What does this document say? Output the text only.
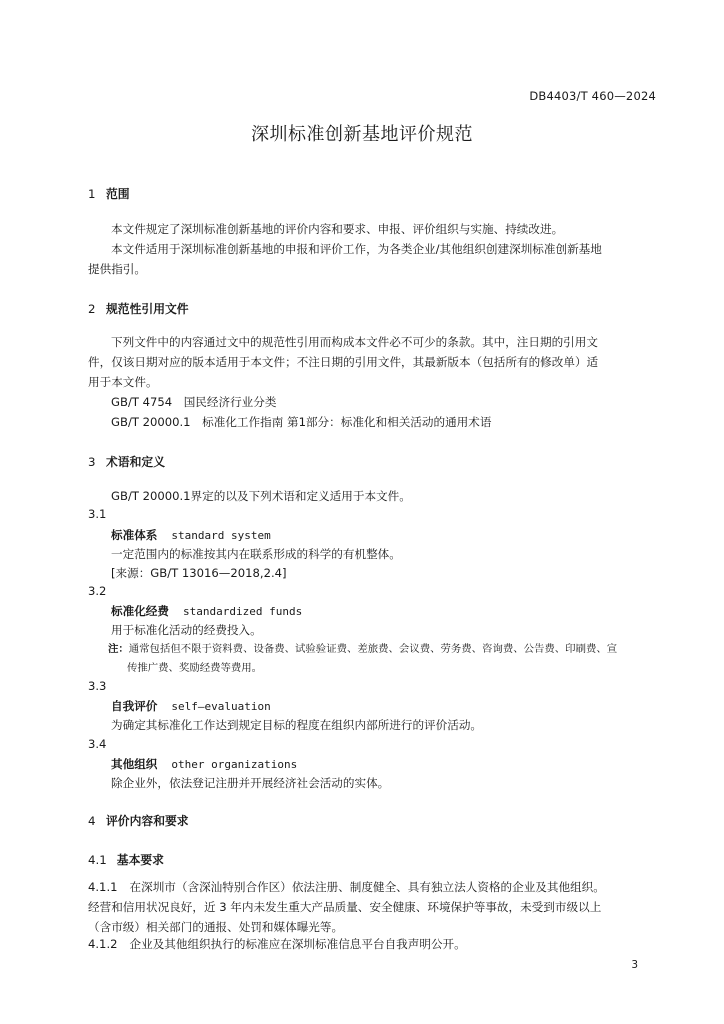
DB4403/T 460—2024
深圳标准创新基地评价规范
1 范围

本文件规定了深圳标准创新基地的评价内容和要求、申报、评价组织与实施、持续改进。

本文件适用于深圳标准创新基地的申报和评价工作，为各类企业/其他组织创建深圳标准创新基地

提供指引。

2 规范性引用文件

下列文件中的内容通过文中的规范性引用而构成本文件必不可少的条款。其中，注日期的引用文

件，仅该日期对应的版本适用于本文件；不注日期的引用文件，其最新版本（包括所有的修改单）适

用于本文件。

GB/T 4754　国民经济行业分类

GB/T 20000.1　标准化工作指南 第1部分：标准化和相关活动的通用术语

3 术语和定义

GB/T 20000.1界定的以及下列术语和定义适用于本文件。

3.1
标准体系 standard system
一定范围内的标准按其内在联系形成的科学的有机整体。
[来源：GB/T 13016—2018,2.4]
3.2
标准化经费 standardized funds
用于标准化活动的经费投入。
注：通常包括但不限于资料费、设备费、试验验证费、差旅费、会议费、劳务费、咨询费、公告费、印刷费、宣
传推广费、奖励经费等费用。
3.3
自我评价 self—evaluation
为确定其标准化工作达到规定目标的程度在组织内部所进行的评价活动。
3.4
其他组织 other organizations
除企业外，依法登记注册并开展经济社会活动的实体。
4 评价内容和要求
4.1 基本要求

4.1.1 在深圳市（含深汕特别合作区）依法注册、制度健全、具有独立法人资格的企业及其他组织。

经营和信用状况良好，近 3 年内未发生重大产品质量、安全健康、环境保护等事故，未受到市级以上

（含市级）相关部门的通报、处罚和媒体曝光等。

4.1.2 企业及其他组织执行的标准应在深圳标准信息平台自我声明公开。

3
